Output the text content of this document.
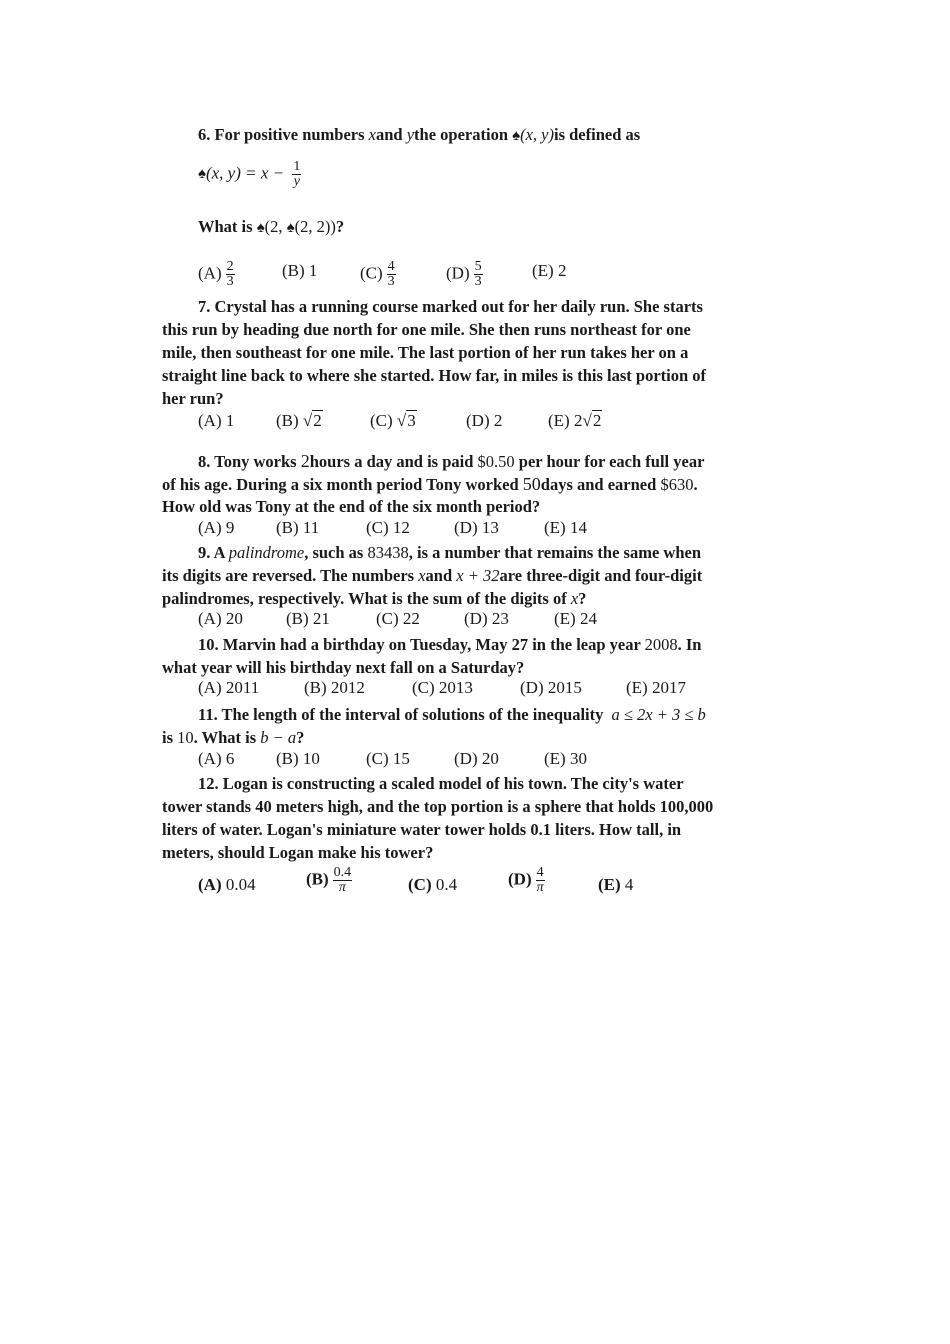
6. For positive numbers xand ythe operation ♠(x, y)is defined as
♠(x, $y) = x - \frac{1}{y}$
What is ♠(2, ♠(2, 2))?
$(A) \frac{2}{3}$	(B) 1	$(C) \frac{4}{3}$	$(D) \frac{5}{3}$	(E) 2
7. Crystal has a running course marked out for her daily run. She starts
this run by heading due north for one mile. She then runs northeast for one
mile, then southeast for one mile. The last portion of her run takes her on a
straight line back to where she started. How far, in miles is this last portion of
her run?
(A) 1 (B) √2	(C) √3	(D) 2	(E) 2√2
8. Tony works 2hours a day and is paid $0.50 per hour for each full year
of his age. During a six month period Tony worked 50days and earned $630.
How old was Tony at the end of the six month period?
(A) 9 (B) 11	(C) 12	(D) 13	(E) 14
9. A palindrome, such as 83438, is a number that remains the same when
its digits are reversed. The numbers xand x + 32are three-digit and four-digit
palindromes, respectively. What is the sum of the digits of x?
(A) 20	(B) 21	(C) 22	(D) 23	(E) 24
10. Marvin had a birthday on Tuesday, May 27 in the leap year 2008. In
what year will his birthday next fall on a Saturday?
(A) 2011	(B) 2012	(C) 2013	(D) 2015	(E) 2017
11. The length of the interval of solutions of the inequality a ≤ 2x + 3 ≤ b
is 10. What is b − a?
(A) 6 (B) 10	(C) 15	(D) 20	(E) 30
12. Logan is constructing a scaled model of his town. The city's water
tower stands 40 meters high, and the top portion is a sphere that holds 100,000
liters of water. Logan's miniature water tower holds 0.1 liters. How tall, in
meters, should Logan make his tower?
(A) 0.04	$(B) \frac{0.4}{\pi}$	(C) 0.4	$(D) \frac{4}{\pi}$	(E) 4
